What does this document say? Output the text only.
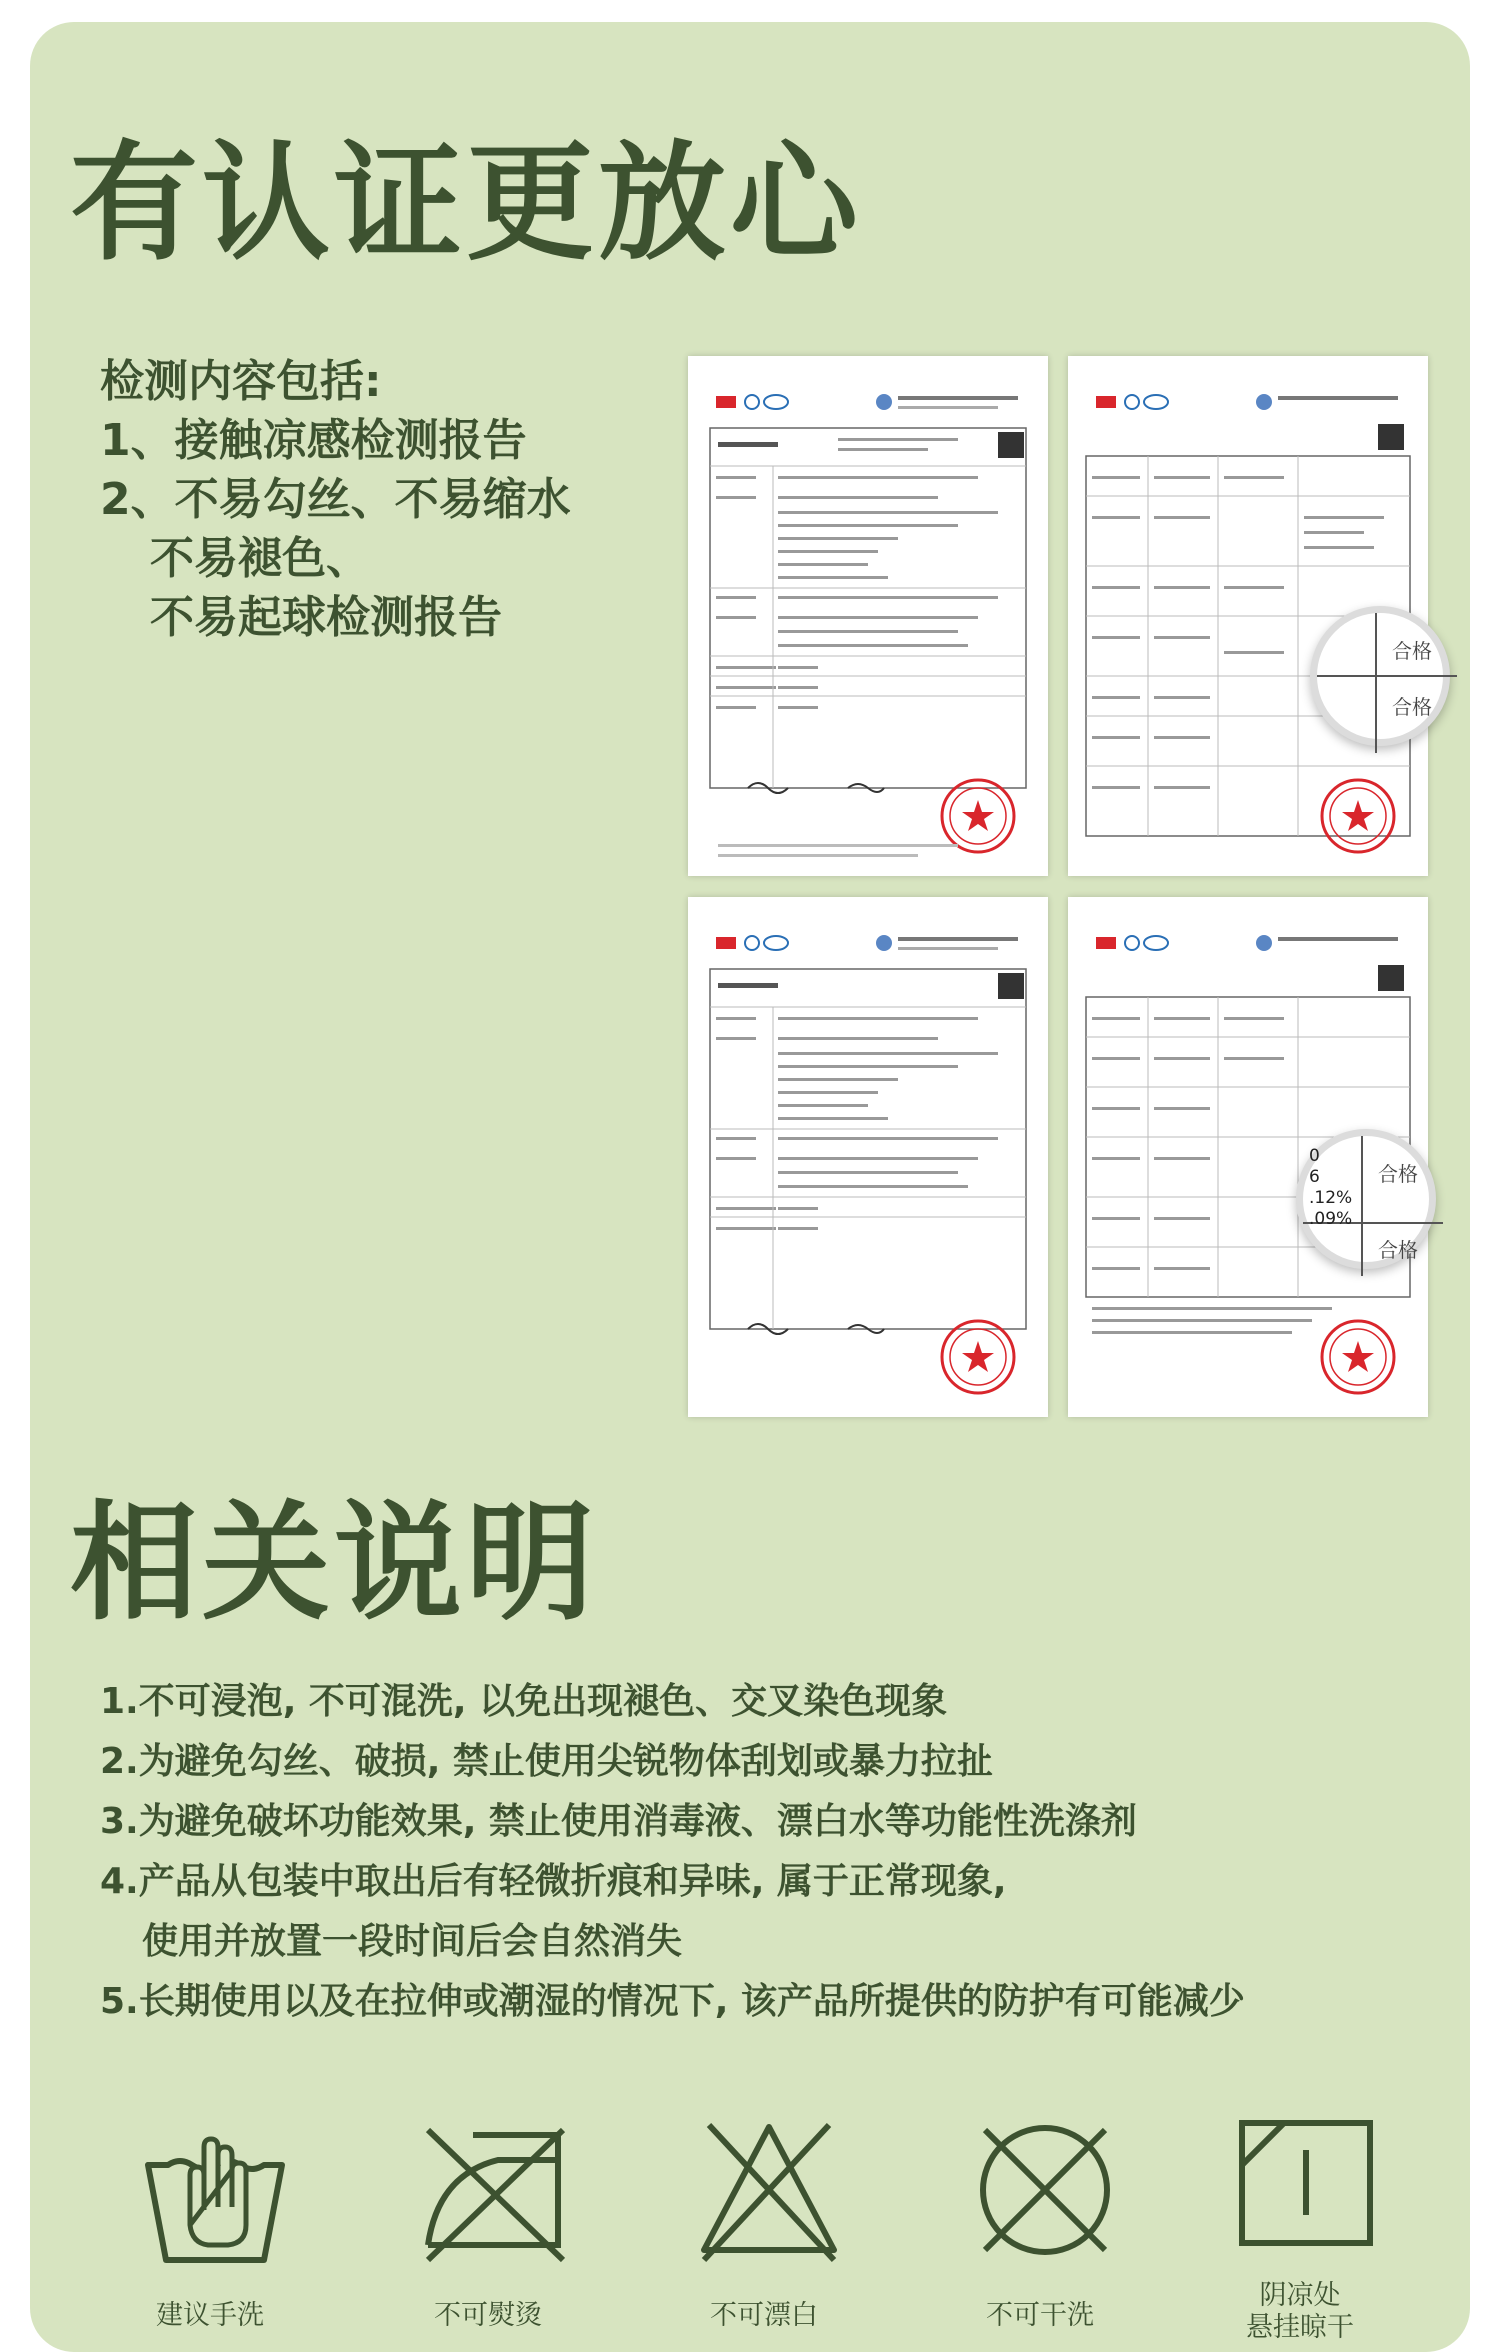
有认证更放心
检测内容包括:
1、接触凉感检测报告
2、不易勾丝、不易缩水
不易褪色、
不易起球检测报告
合格
合格
0
6
.12%
.09%
合格
合格
相关说明
1.不可浸泡, 不可混洗, 以免出现褪色、交叉染色现象
2.为避免勾丝、破损, 禁止使用尖锐物体刮划或暴力拉扯
3.为避免破坏功能效果, 禁止使用消毒液、漂白水等功能性洗涤剂
4.产品从包装中取出后有轻微折痕和异味, 属于正常现象,
使用并放置一段时间后会自然消失
5.长期使用以及在拉伸或潮湿的情况下, 该产品所提供的防护有可能减少
建议手洗	不可熨烫	不可漂白	不可干洗
阴凉处
悬挂晾干
